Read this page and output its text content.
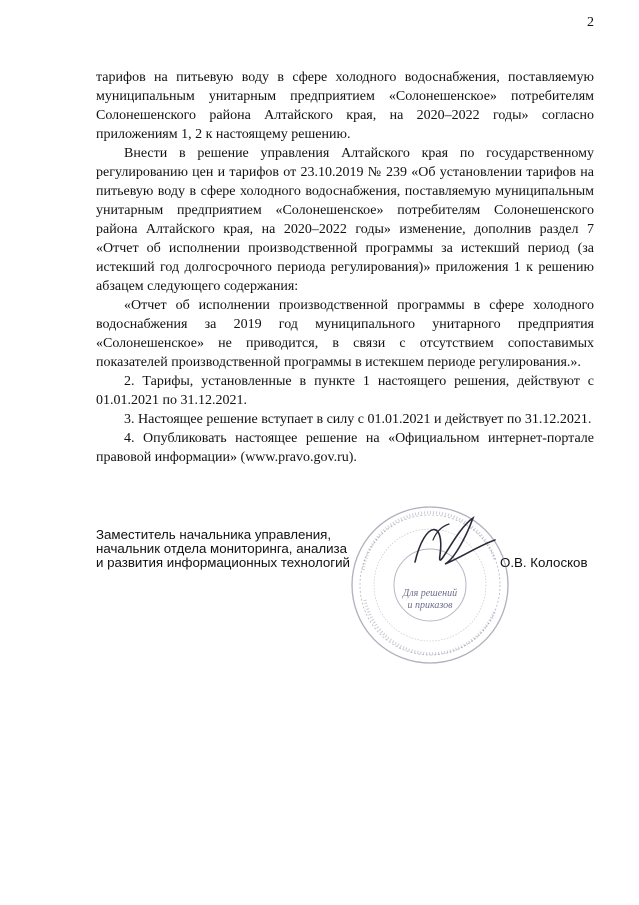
2

тарифов на питьевую воду в сфере холодного водоснабжения, поставляемую муниципальным унитарным предприятием «Солонешенское» потребителям Солонешенского района Алтайского края, на 2020–2022 годы» согласно приложениям 1, 2 к настоящему решению.

Внести в решение управления Алтайского края по государственному регулированию цен и тарифов от 23.10.2019 № 239 «Об установлении тарифов на питьевую воду в сфере холодного водоснабжения, поставляемую муниципальным унитарным предприятием «Солонешенское» потребителям Солонешенского района Алтайского края, на 2020–2022 годы» изменение, дополнив раздел 7 «Отчет об исполнении производственной программы за истекший период (за истекший год долгосрочного периода регулирования)» приложения 1 к решению абзацем следующего содержания:

«Отчет об исполнении производственной программы в сфере холодного водоснабжения за 2019 год муниципального унитарного предприятия «Солонешенское» не приводится, в связи с отсутствием сопоставимых показателей производственной программы в истекшем периоде регулирования.».

2. Тарифы, установленные в пункте 1 настоящего решения, действуют с 01.01.2021 по 31.12.2021.

3. Настоящее решение вступает в силу с 01.01.2021 и действует по 31.12.2021.

4. Опубликовать настоящее решение на «Официальном интернет-портале правовой информации» (www.pravo.gov.ru).

Заместитель начальника управления,
начальник отдела мониторинга, анализа
и развития информационных технологий	О.В. Колосков
Для решений
и приказов
